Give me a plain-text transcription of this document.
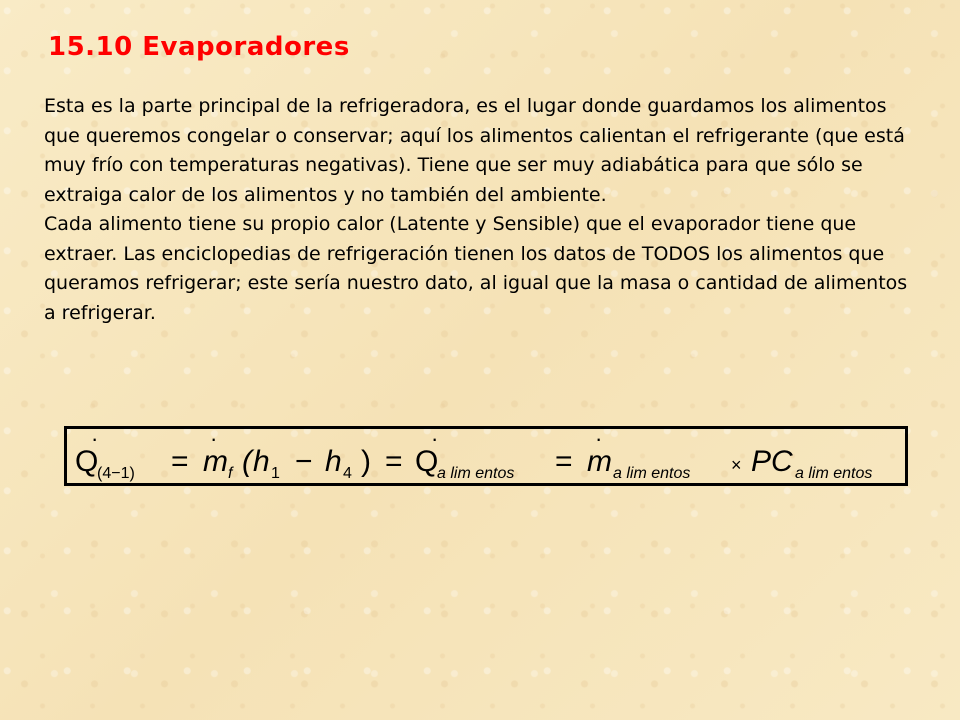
15.10 Evaporadores

Esta es la parte principal de la refrigeradora, es el lugar donde guardamos los alimentos que queremos congelar o conservar; aquí los alimentos calientan el refrigerante (que está muy frío con temperaturas negativas). Tiene que ser muy adiabática para que sólo se extraiga calor de los alimentos y no también del ambiente.

Cada alimento tiene su propio calor (Latente y Sensible) que el evaporador tiene que extraer. Las enciclopedias de refrigeración tienen los datos de TODOS los alimentos que queramos refrigerar; este sería nuestro dato, al igual que la masa o cantidad de alimentos a refrigerar.

·
Q
(4−1) =
·
m f ( h 1 − h 4 ) =
·
Q
a lim entos =
·
m a lim entos × PC a lim entos
